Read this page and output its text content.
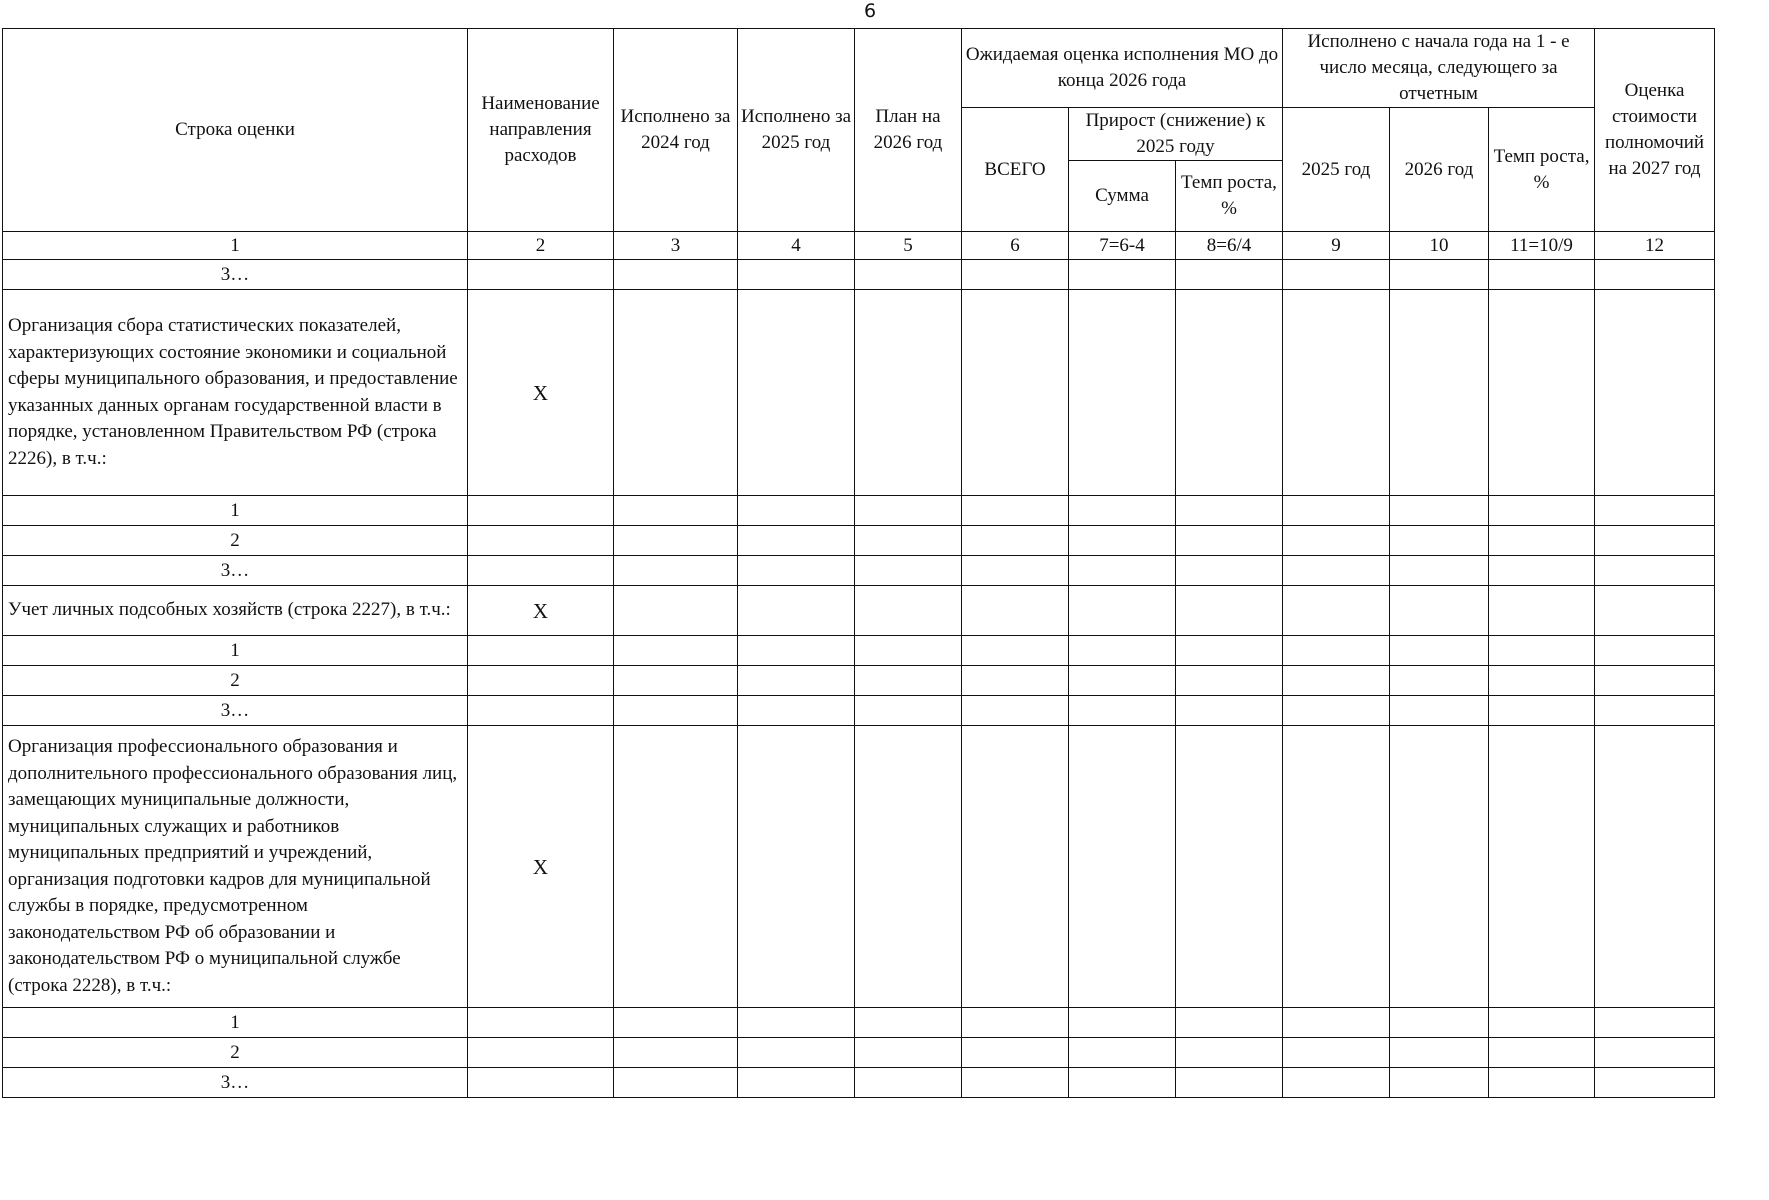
6
Строка оценки	Наименование направления расходов	Исполнено за 2024 год	Исполнено за 2025 год	План на 2026 год	Ожидаемая оценка исполнения МО до конца 2026 года			Исполнено с начала года на 1 - е число месяца, следующего за отчетным			Оценка стоимости полномочий на 2027 год
					ВСЕГО	Прирост (снижение) к 2025 году		2025 год	2026 год	Темп роста, %	
						Сумма	Темп роста, %				
1	2	3	4	5	6	7=6-4	8=6/4	9	10	11=10/9	12
3…											
Организация сбора статистических показателей, характеризующих состояние экономики и социальной сферы муниципального образования, и предоставление указанных данных органам государственной власти в порядке, установленном Правительством РФ (строка 2226), в т.ч.:	X										
1											
2											
3…											
Учет личных подсобных хозяйств (строка 2227), в т.ч.:	X										
1											
2											
3…											
Организация профессионального образования и дополнительного профессионального образования лиц, замещающих муниципальные должности, муниципальных служащих и работников муниципальных предприятий и учреждений, организация подготовки кадров для муниципальной службы в порядке, предусмотренном законодательством РФ об образовании и законодательством РФ о муниципальной службе (строка 2228), в т.ч.:	X										
1											
2											
3…											
